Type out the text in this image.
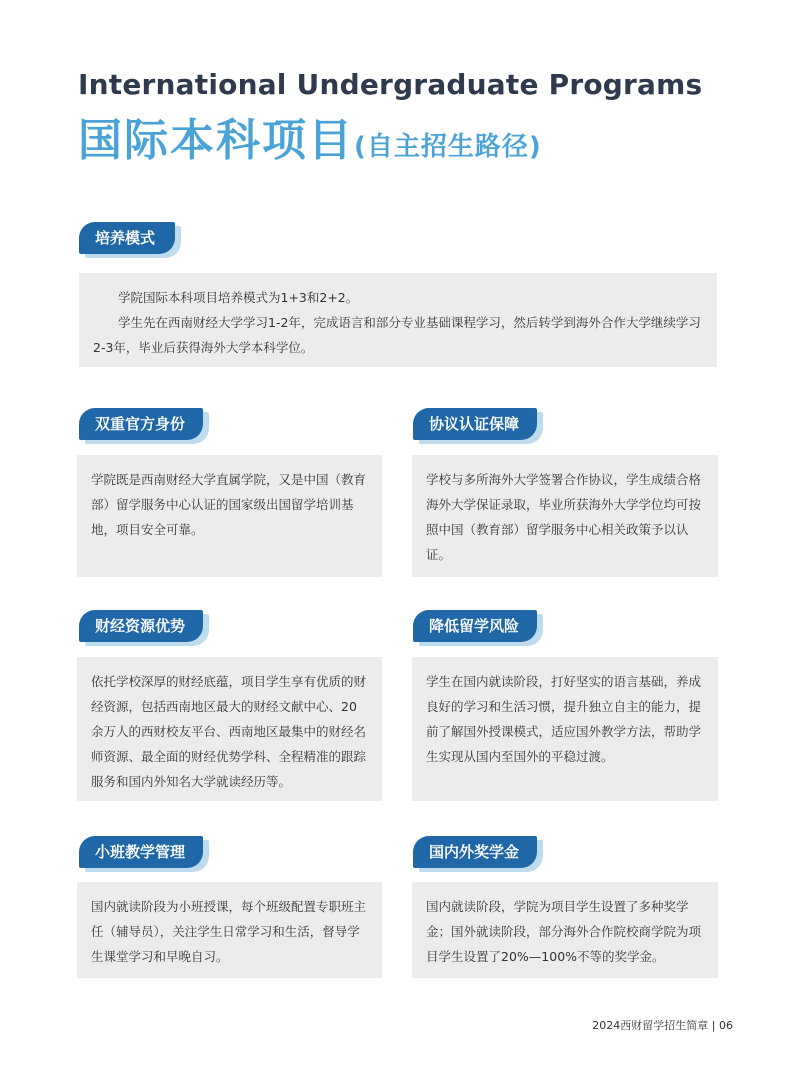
International Undergraduate Programs
国际本科项目(自主招生路径)
培养模式

学院国际本科项目培养模式为1+3和2+2。

学生先在西南财经大学学习1-2年，完成语言和部分专业基础课程学习，然后转学到海外合作大学继续学习2-3年，毕业后获得海外大学本科学位。

双重官方身份

学院既是西南财经大学直属学院，又是中国（教育部）留学服务中心认证的国家级出国留学培训基地，项目安全可靠。

协议认证保障

学校与多所海外大学签署合作协议，学生成绩合格海外大学保证录取，毕业所获海外大学学位均可按照中国（教育部）留学服务中心相关政策予以认证。

财经资源优势

依托学校深厚的财经底蕴，项目学生享有优质的财经资源，包括西南地区最大的财经文献中心、20余万人的西财校友平台、西南地区最集中的财经名师资源、最全面的财经优势学科、全程精准的跟踪服务和国内外知名大学就读经历等。

降低留学风险

学生在国内就读阶段，打好坚实的语言基础，养成良好的学习和生活习惯，提升独立自主的能力，提前了解国外授课模式，适应国外教学方法，帮助学生实现从国内至国外的平稳过渡。

小班教学管理

国内就读阶段为小班授课，每个班级配置专职班主任（辅导员），关注学生日常学习和生活，督导学生课堂学习和早晚自习。

国内外奖学金

国内就读阶段，学院为项目学生设置了多种奖学金；国外就读阶段，部分海外合作院校商学院为项目学生设置了20%—100%不等的奖学金。

2024西财留学招生简章 | 06
